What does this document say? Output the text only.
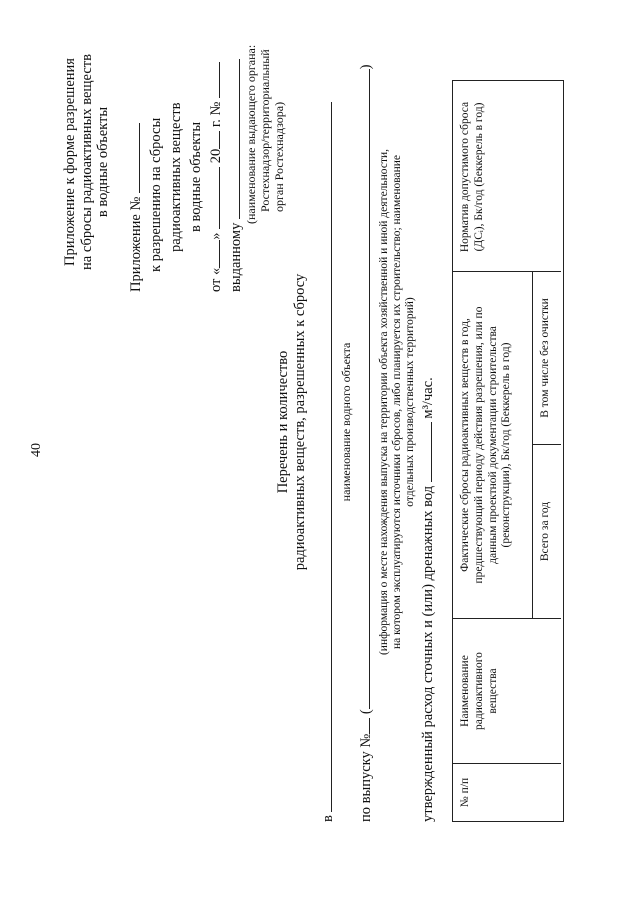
40
Приложение к форме разрешения на сбросы радиоактивных веществ в водные объекты
Приложение № к разрешению на сбросы радиоактивных веществ в водные объекты
от «»  20 г. №
выданному
(наименование выдающего органа: Ростехнадзор/территориальный орган Ростехнадзора)
Перечень и количество радиоактивных веществ, разрешенных к сбросу
в
наименование водного объекта
по выпуску № ()
(информация о месте нахождения выпуска на территории объекта хозяйственной и иной деятельности, на котором эксплуатируются источники сбросов, либо планируется их строительство; наименование отдельных производственных территорий)
утвержденный расход сточных и (или) дренажных вод  м³/час.
№ п/п
Наименование радиоактивного вещества
Фактические сбросы радиоактивных веществ в год, предшествующий периоду действия разрешения, или по данным проектной документации строительства (реконструкции), Бк/год (Беккерель в год)	Всего за год
В том числе без очистки
Норматив допустимого сброса (ДСᵢ), Бк/год (Беккерель в год)
